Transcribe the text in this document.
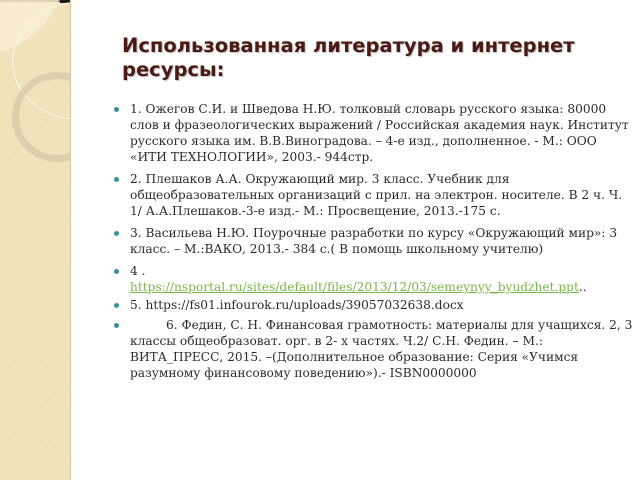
Использованная литература и интернет ресурсы:
1. Ожегов С.И. и Шведова Н.Ю. толковый словарь русского языка: 80000 слов и фразеологических выражений / Российская академия наук. Институт русского языка им. В.В.Виноградова. – 4-е изд., дополненное. - М.: ООО «ИТИ ТЕХНОЛОГИИ», 2003.- 944стр.
2. Плешаков А.А. Окружающий мир. 3 класс. Учебник для общеобразовательных организаций с прил. на электрон. носителе. В 2 ч. Ч. 1/ А.А.Плешаков.-3-е изд.- М.: Просвещение, 2013.-175 с.
3. Васильева Н.Ю. Поурочные разработки по курсу «Окружающий мир»: 3 класс. – М.:ВАКО, 2013.- 384 с.( В помощь школьному учителю)
4 .
https://nsportal.ru/sites/default/files/2013/12/03/semeynyy_byudzhet.ppt..
5. https://fs01.infourok.ru/uploads/39057032638.docx
6. Федин, С. Н. Финансовая грамотность: материалы для учащихся. 2, 3 классы общеобразоват. орг. в 2- х частях. Ч.2/ С.Н. Федин. – М.: ВИТА_ПРЕСС, 2015. –(Дополнительное образование: Серия «Учимся разумному финансовому поведению»).- ISBN0000000
